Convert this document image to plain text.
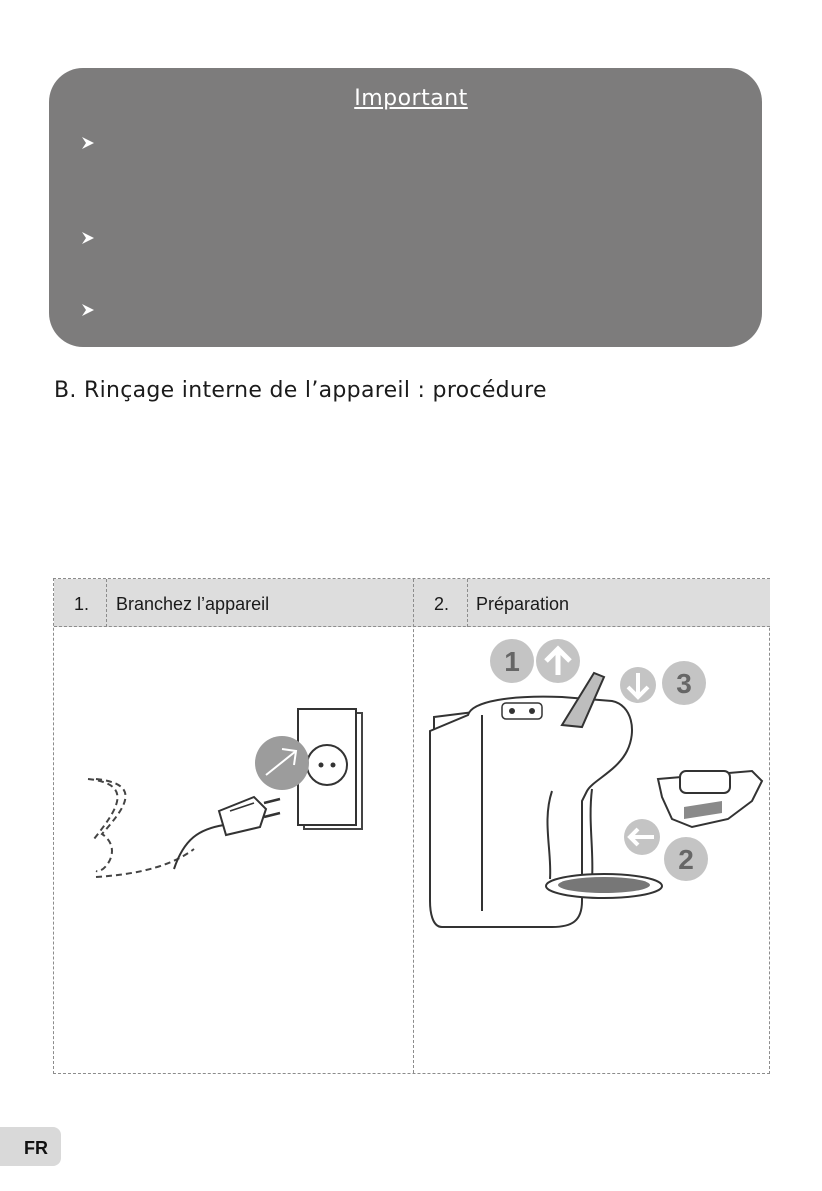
Important
B. Rinçage interne de l’appareil : procédure
1. Branchez l’appareil	2. Préparation
1
3
2
FR
